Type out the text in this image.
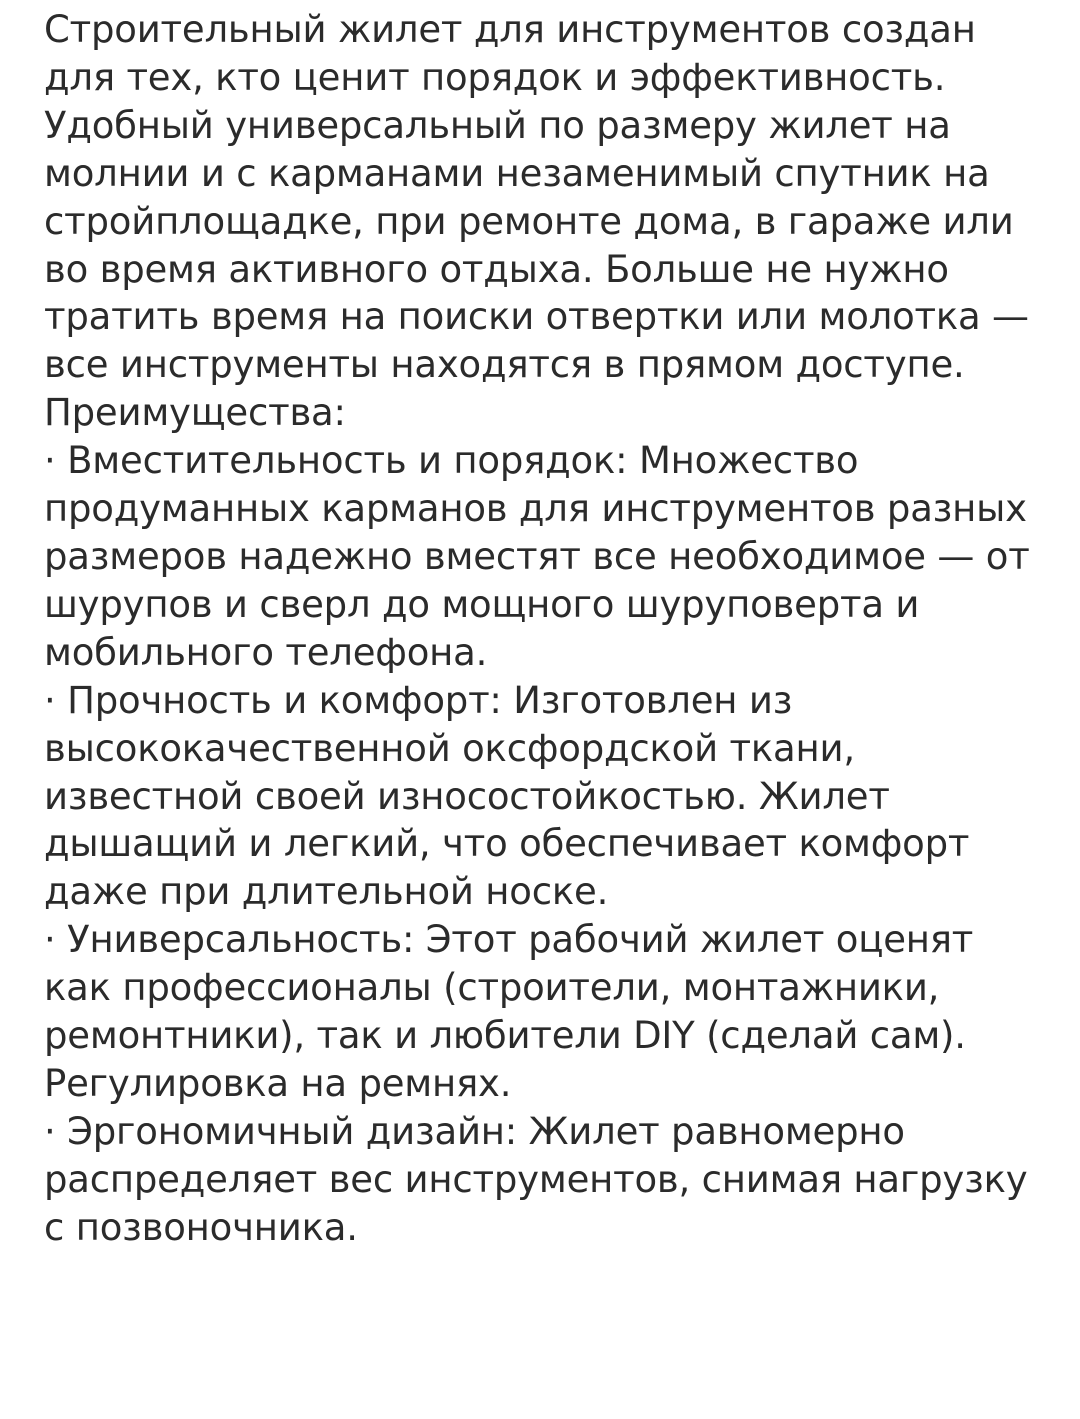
Строительный жилет для инструментов создан для тех, кто ценит порядок и эффективность. Удобный универсальный по размеру жилет на молнии и с карманами незаменимый спутник на стройплощадке, при ремонте дома, в гараже или во время активного отдыха. Больше не нужно тратить время на поиски отвертки или молотка — все инструменты находятся в прямом доступе.

Преимущества:

· Вместительность и порядок: Множество продуманных карманов для инструментов разных размеров надежно вместят все необходимое — от шурупов и сверл до мощного шуруповерта и мобильного телефона.

· Прочность и комфорт: Изготовлен из высококачественной оксфордской ткани, известной своей износостойкостью. Жилет дышащий и легкий, что обеспечивает комфорт даже при длительной носке.

· Универсальность: Этот рабочий жилет оценят как профессионалы (строители, монтажники, ремонтники), так и любители DIY (сделай сам). Регулировка на ремнях.

· Эргономичный дизайн: Жилет равномерно распределяет вес инструментов, снимая нагрузку с позвоночника.
